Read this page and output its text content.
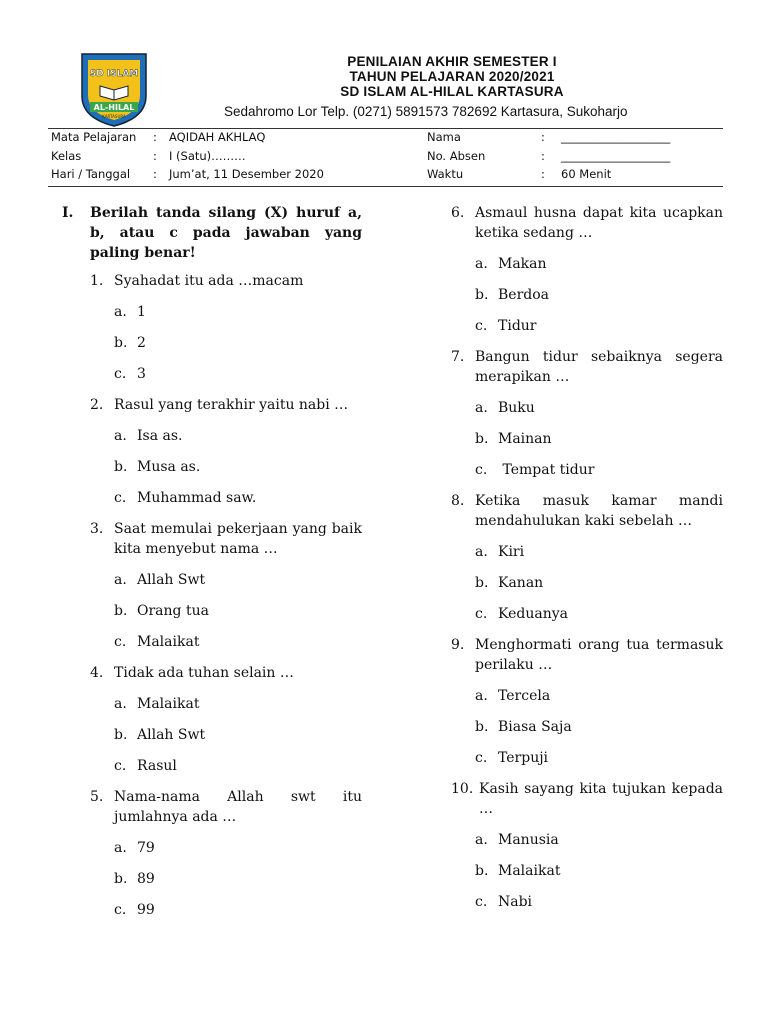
SD ISLAM
AL-HILAL
KARTASURA
PENILAIAN AKHIR SEMESTER I
TAHUN PELAJARAN 2020/2021
SD ISLAM AL-HILAL KARTASURA
Sedahromo Lor Telp. (0271) 5891573 782692 Kartasura, Sukoharjo
Mata Pelajaran : AQIDAH AKHLAQ	Nama	: ___________________
Kelas	: I (Satu)………	No. Absen	: ___________________
Hari / Tanggal : Jum’at, 11 Desember 2020	Waktu	: 60 Menit
I.	Berilah tanda silang (X) huruf a, b, atau c pada jawaban yang paling benar!
1. Syahadat itu ada …macam
a. 1
b. 2
c. 3
2. Rasul yang terakhir yaitu nabi …
a. Isa as.
b. Musa as.
c. Muhammad saw.
3. Saat memulai pekerjaan yang baik kita menyebut nama …
a. Allah Swt
b. Orang tua
c. Malaikat
4. Tidak ada tuhan selain …
a. Malaikat
b. Allah Swt
c. Rasul
5. Nama-nama Allah swt itu jumlahnya ada …
a. 79
b. 89
c. 99
6. Asmaul husna dapat kita ucapkan ketika sedang …
a. Makan
b. Berdoa
c. Tidur
7. Bangun tidur sebaiknya segera merapikan …
a. Buku
b. Mainan
c. Tempat tidur
8. Ketika masuk kamar mandi mendahulukan kaki sebelah …
a. Kiri
b. Kanan
c. Keduanya
9. Menghormati orang tua termasuk perilaku …
a. Tercela
b. Biasa Saja
c. Terpuji
10. Kasih sayang kita tujukan kepada …
a. Manusia
b. Malaikat
c. Nabi
